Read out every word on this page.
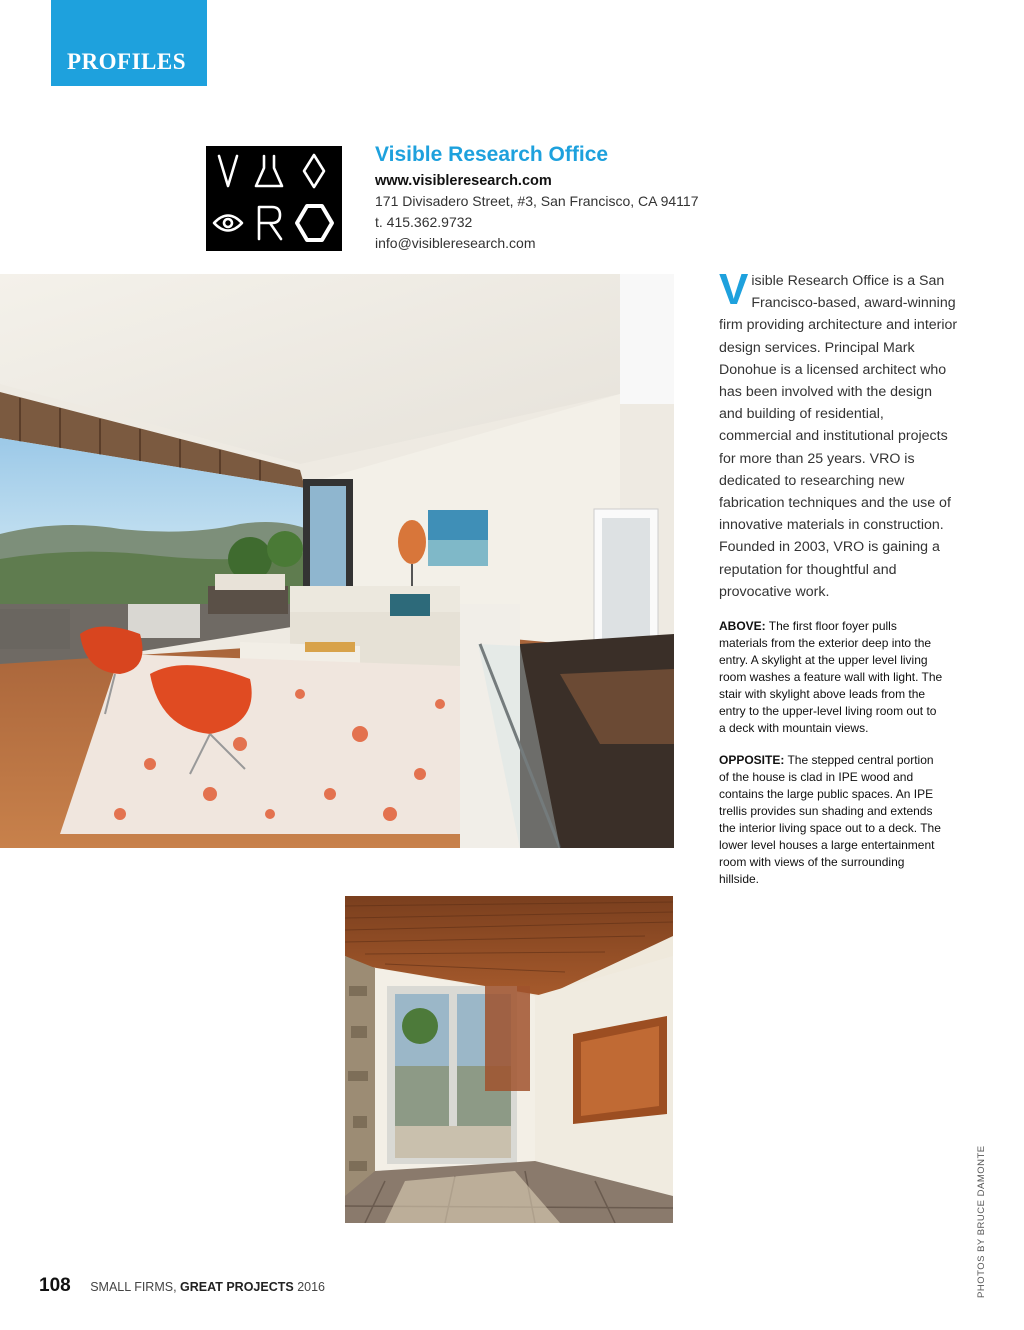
PROFILES
Visible Research Office
www.visibleresearch.com
171 Divisadero Street, #3, San Francisco, CA 94117
t. 415.362.9732
info@visibleresearch.com
Visible Research Office is a San Francisco-based, award-winning firm providing architecture and interior design services. Principal Mark Donohue is a licensed architect who has been involved with the design and building of residential, commercial and institutional projects for more than 25 years. VRO is dedicated to researching new fabrication techniques and the use of innovative materials in construction. Founded in 2003, VRO is gaining a reputation for thoughtful and provocative work.
ABOVE: The first floor foyer pulls materials from the exterior deep into the entry. A skylight at the upper level living room washes a feature wall with light. The stair with skylight above leads from the entry to the upper-level living room out to a deck with mountain views.
OPPOSITE: The stepped central portion of the house is clad in IPE wood and contains the large public spaces. An IPE trellis provides sun shading and extends the interior living space out to a deck. The lower level houses a large entertainment room with views of the surrounding hillside.
PHOTOS BY BRUCE DAMONTE
108 SMALL FIRMS, GREAT PROJECTS 2016
